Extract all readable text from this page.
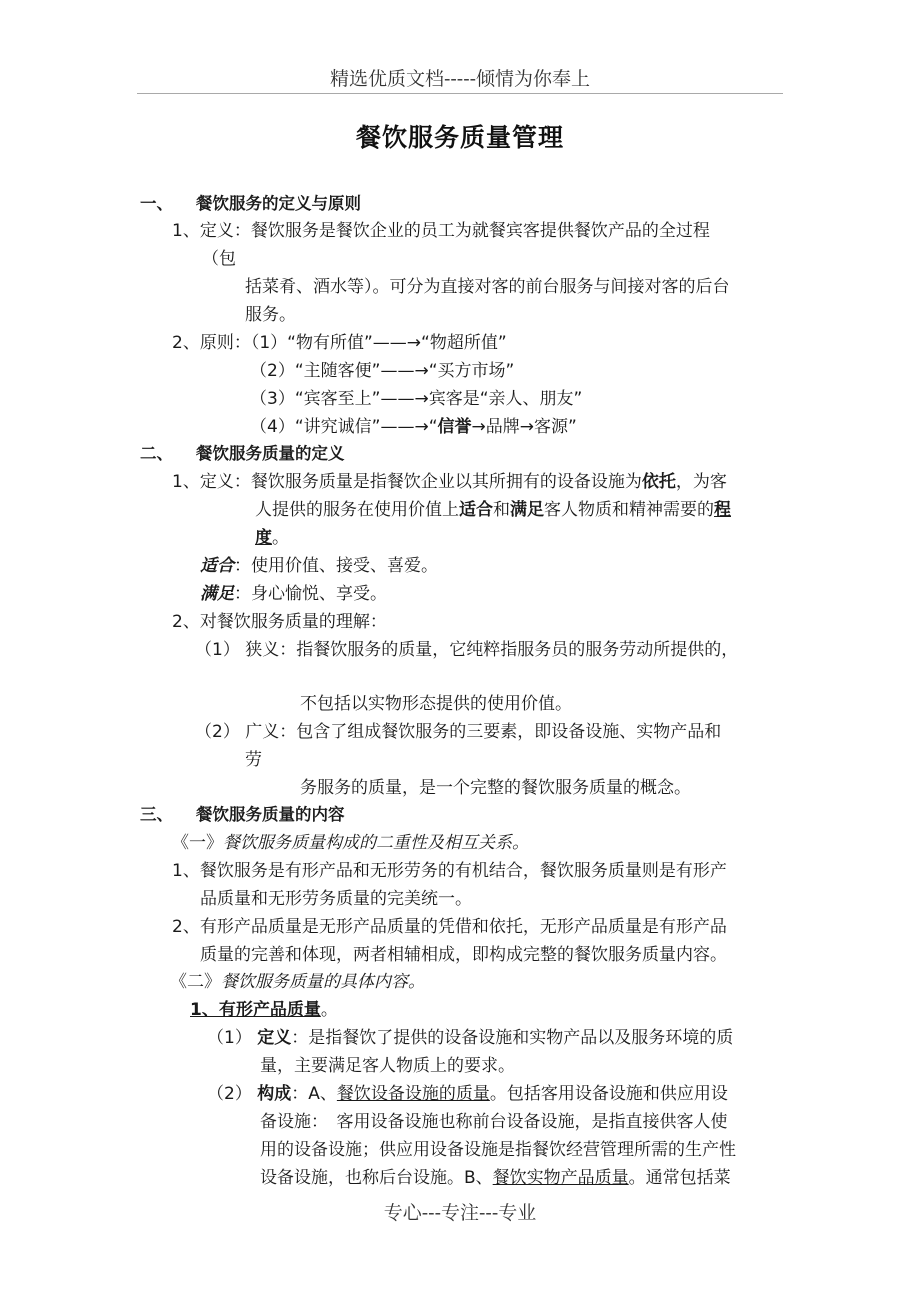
精选优质文档-----倾情为你奉上
餐饮服务质量管理
一、 餐饮服务的定义与原则
1、定义：餐饮服务是餐饮企业的员工为就餐宾客提供餐饮产品的全过程
（包
括菜肴、酒水等）。可分为直接对客的前台服务与间接对客的后台
服务。
2、原则：（1）“物有所值”——→“物超所值”
（2）“主随客便”——→“买方市场”
（3）“宾客至上”——→宾客是“亲人、朋友”
（4）“讲究诚信”——→“信誉→品牌→客源”
二、 餐饮服务质量的定义
1、定义：餐饮服务质量是指餐饮企业以其所拥有的设备设施为依托，为客
人提供的服务在使用价值上适合和满足客人物质和精神需要的程
度。
适合：使用价值、接受、喜爱。
满足：身心愉悦、享受。
2、对餐饮服务质量的理解：
（1） 狭义：指餐饮服务的质量，它纯粹指服务员的服务劳动所提供的，
不包括以实物形态提供的使用价值。
（2） 广义：包含了组成餐饮服务的三要素，即设备设施、实物产品和
劳
务服务的质量，是一个完整的餐饮服务质量的概念。
三、 餐饮服务质量的内容
《一》餐饮服务质量构成的二重性及相互关系。
1、餐饮服务是有形产品和无形劳务的有机结合，餐饮服务质量则是有形产
品质量和无形劳务质量的完美统一。
2、有形产品质量是无形产品质量的凭借和依托，无形产品质量是有形产品
质量的完善和体现，两者相辅相成，即构成完整的餐饮服务质量内容。
《二》餐饮服务质量的具体内容。
1、有形产品质量。
（1） 定义：是指餐饮了提供的设备设施和实物产品以及服务环境的质
量，主要满足客人物质上的要求。
（2） 构成：A、餐饮设备设施的质量。包括客用设备设施和供应用设
备设施：　客用设备设施也称前台设备设施，是指直接供客人使
用的设备设施；供应用设备设施是指餐饮经营管理所需的生产性
设备设施，也称后台设施。B、餐饮实物产品质量。通常包括菜
专心---专注---专业
